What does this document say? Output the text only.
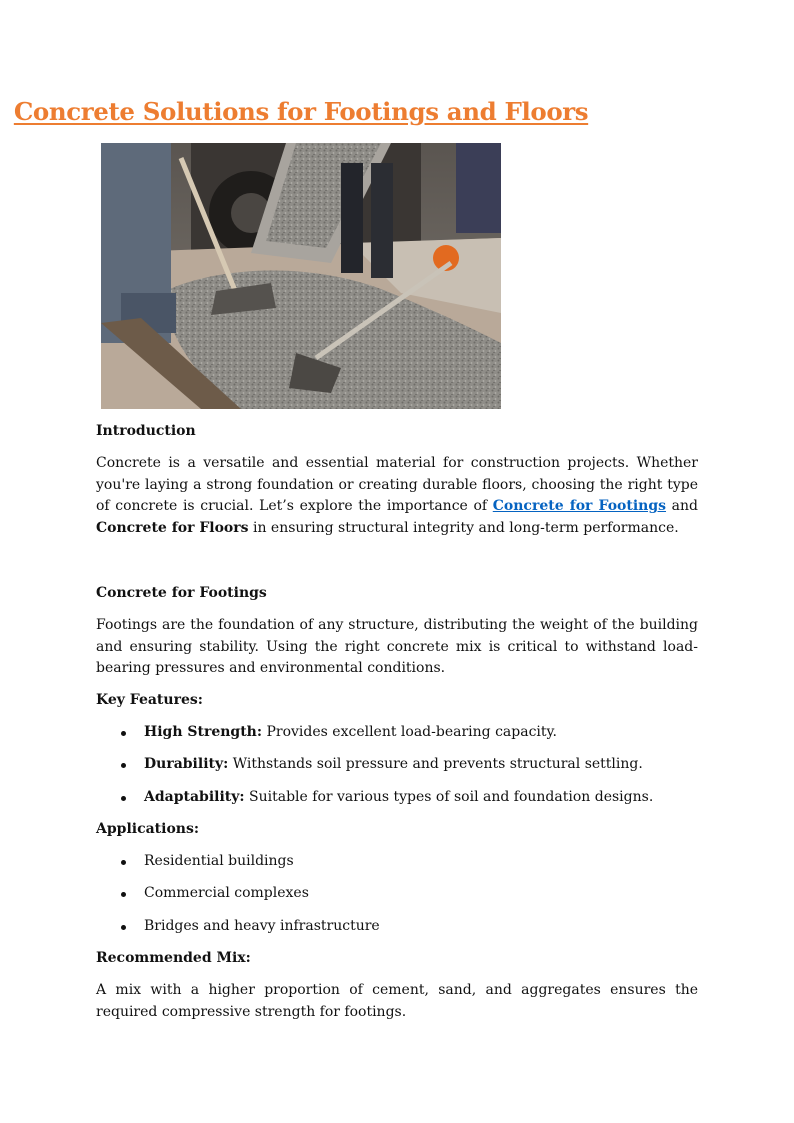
Concrete Solutions for Footings and Floors

Introduction

Concrete is a versatile and essential material for construction projects. Whether you're laying a strong foundation or creating durable floors, choosing the right type of concrete is crucial. Let’s explore the importance of Concrete for Footings and Concrete for Floors in ensuring structural integrity and long-term performance.

Concrete for Footings

Footings are the foundation of any structure, distributing the weight of the building and ensuring stability. Using the right concrete mix is critical to withstand load-bearing pressures and environmental conditions.

Key Features:

High Strength: Provides excellent load-bearing capacity.
Durability: Withstands soil pressure and prevents structural settling.
Adaptability: Suitable for various types of soil and foundation designs.

Applications:

Residential buildings
Commercial complexes
Bridges and heavy infrastructure

Recommended Mix:

A mix with a higher proportion of cement, sand, and aggregates ensures the required compressive strength for footings.
